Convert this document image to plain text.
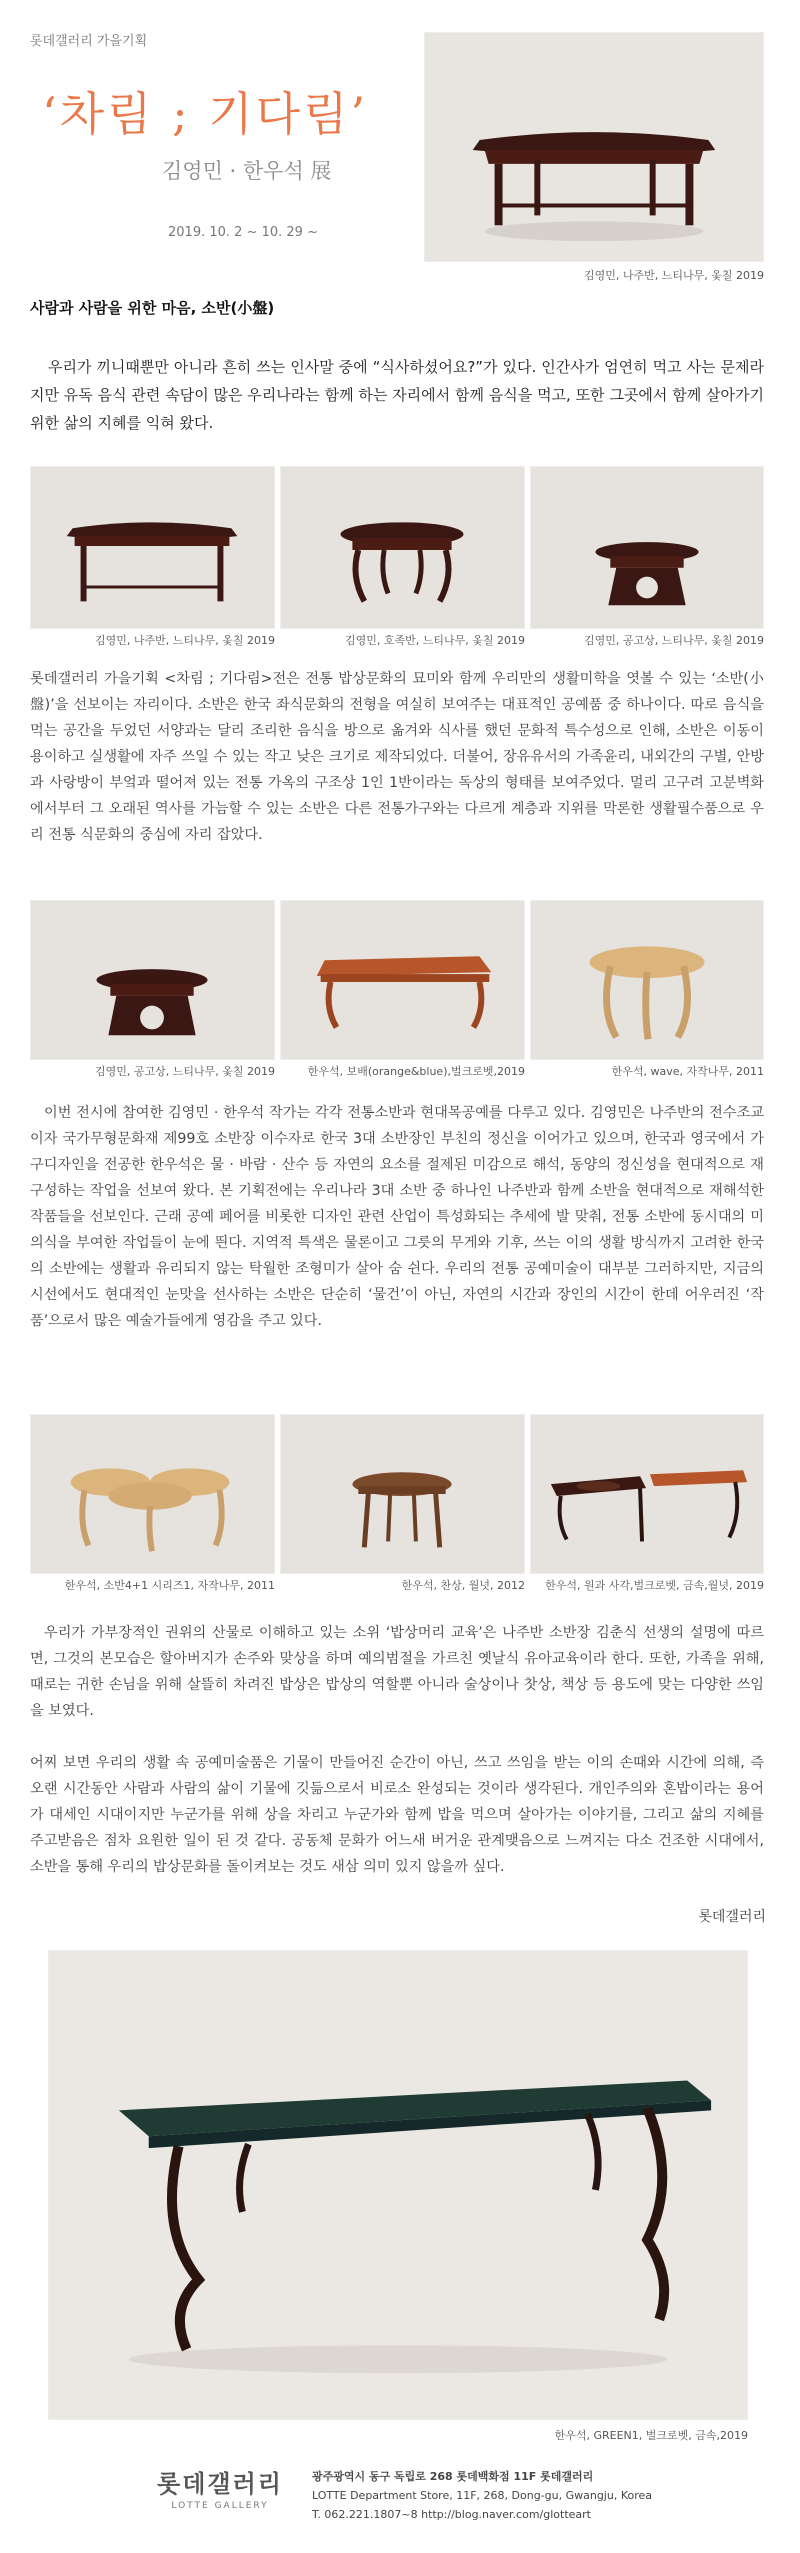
롯데갤러리 가을기획
‘차림 ; 기다림’
김영민 · 한우석 展
2019. 10. 2 ~ 10. 29 ~
김영민, 나주반, 느티나무, 옻칠 2019
사람과 사람을 위한 마음, 소반(小盤)

우리가 끼니때뿐만 아니라 흔히 쓰는 인사말 중에 “식사하셨어요?”가 있다. 인간사가 엄연히 먹고 사는 문제라지만 유독 음식 관련 속담이 많은 우리나라는 함께 하는 자리에서 함께 음식을 먹고, 또한 그곳에서 함께 살아가기 위한 삶의 지혜를 익혀 왔다.

김영민, 나주반, 느티나무, 옻칠 2019	김영민, 호족반, 느티나무, 옻칠 2019	김영민, 공고상, 느티나무, 옻칠 2019

롯데갤러리 가을기획 <차림 ; 기다림>전은 전통 밥상문화의 묘미와 함께 우리만의 생활미학을 엿볼 수 있는 ‘소반(小盤)’을 선보이는 자리이다. 소반은 한국 좌식문화의 전형을 여실히 보여주는 대표적인 공예품 중 하나이다. 따로 음식을 먹는 공간을 두었던 서양과는 달리 조리한 음식을 방으로 옮겨와 식사를 했던 문화적 특수성으로 인해, 소반은 이동이 용이하고 실생활에 자주 쓰일 수 있는 작고 낮은 크기로 제작되었다. 더불어, 장유유서의 가족윤리, 내외간의 구별, 안방과 사랑방이 부엌과 떨어져 있는 전통 가옥의 구조상 1인 1반이라는 독상의 형태를 보여주었다. 멀리 고구려 고분벽화에서부터 그 오래된 역사를 가늠할 수 있는 소반은 다른 전통가구와는 다르게 계층과 지위를 막론한 생활필수품으로 우리 전통 식문화의 중심에 자리 잡았다.

김영민, 공고상, 느티나무, 옻칠 2019	한우석, 보배(orange&blue),벌크로벳,2019	한우석, wave, 자작나무, 2011

이번 전시에 참여한 김영민 · 한우석 작가는 각각 전통소반과 현대목공예를 다루고 있다. 김영민은 나주반의 전수조교이자 국가무형문화재 제99호 소반장 이수자로 한국 3대 소반장인 부친의 정신을 이어가고 있으며, 한국과 영국에서 가구디자인을 전공한 한우석은 물 · 바람 · 산수 등 자연의 요소를 절제된 미감으로 해석, 동양의 정신성을 현대적으로 재구성하는 작업을 선보여 왔다. 본 기획전에는 우리나라 3대 소반 중 하나인 나주반과 함께 소반을 현대적으로 재해석한 작품들을 선보인다. 근래 공예 페어를 비롯한 디자인 관련 산업이 특성화되는 추세에 발 맞춰, 전통 소반에 동시대의 미의식을 부여한 작업들이 눈에 띈다. 지역적 특색은 물론이고 그릇의 무게와 기후, 쓰는 이의 생활 방식까지 고려한 한국의 소반에는 생활과 유리되지 않는 탁월한 조형미가 살아 숨 쉰다. 우리의 전통 공예미술이 대부분 그러하지만, 지금의 시선에서도 현대적인 눈맛을 선사하는 소반은 단순히 ‘물건’이 아닌, 자연의 시간과 장인의 시간이 한데 어우러진 ‘작품’으로서 많은 예술가들에게 영감을 주고 있다.

한우석, 소반4+1 시리즈1, 자작나무, 2011	한우석, 찬상, 월넛, 2012	한우석, 원과 사각,벌크로벳, 금속,월넛, 2019

우리가 가부장적인 권위의 산물로 이해하고 있는 소위 ‘밥상머리 교육’은 나주반 소반장 김춘식 선생의 설명에 따르면, 그것의 본모습은 할아버지가 손주와 맞상을 하며 예의범절을 가르친 옛날식 유아교육이라 한다. 또한, 가족을 위해, 때로는 귀한 손님을 위해 살뜰히 차려진 밥상은 밥상의 역할뿐 아니라 술상이나 찻상, 책상 등 용도에 맞는 다양한 쓰임을 보였다.

어찌 보면 우리의 생활 속 공예미술품은 기물이 만들어진 순간이 아닌, 쓰고 쓰임을 받는 이의 손때와 시간에 의해, 즉 오랜 시간동안 사람과 사람의 삶이 기물에 깃듦으로서 비로소 완성되는 것이라 생각된다. 개인주의와 혼밥이라는 용어가 대세인 시대이지만 누군가를 위해 상을 차리고 누군가와 함께 밥을 먹으며 살아가는 이야기를, 그리고 삶의 지혜를 주고받음은 점차 요원한 일이 된 것 같다. 공동체 문화가 어느새 버거운 관계맺음으로 느껴지는 다소 건조한 시대에서, 소반을 통해 우리의 밥상문화를 돌이켜보는 것도 새삼 의미 있지 않을까 싶다.

롯데갤러리
한우석, GREEN1, 벌크로벳, 금속,2019
롯데갤러리
LOTTE GALLERY
광주광역시 동구 독립로 268 롯데백화점 11F 롯데갤러리
LOTTE Department Store, 11F, 268, Dong-gu, Gwangju, Korea
T. 062.221.1807~8 http://blog.naver.com/glotteart
